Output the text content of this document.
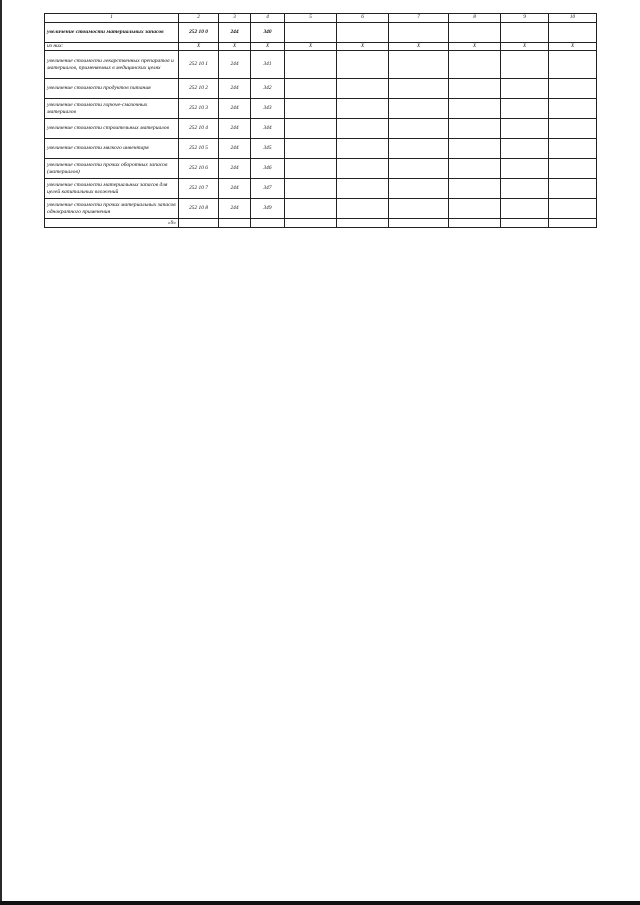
1	2	3	4	5	6	7	8	9	10
увеличение стоимости материальных запасов	252 10 0	244	340						
из них:	Х	Х	Х	Х	Х	Х	Х	Х	Х
увеличение стоимости лекарственных препаратов и материалов, применяемых в медицинских целях	252 10 1	244	341						
увеличение стоимости продуктов питания	252 10 2	244	342						
увеличение стоимости горюче-смазочных материалов	252 10 3	244	343						
увеличение стоимости строительных материалов	252 10 4	244	344						
увеличение стоимости мягкого инвентаря	252 10 5	244	345						
увеличение стоимости прочих оборотных запасов (материалов)	252 10 6	244	346						
увеличение стоимости материальных запасов для целей капитальных вложений	252 10 7	244	347						
увеличение стоимости прочих материальных запасов однократного применения	252 10 8	244	349						
«9»									
